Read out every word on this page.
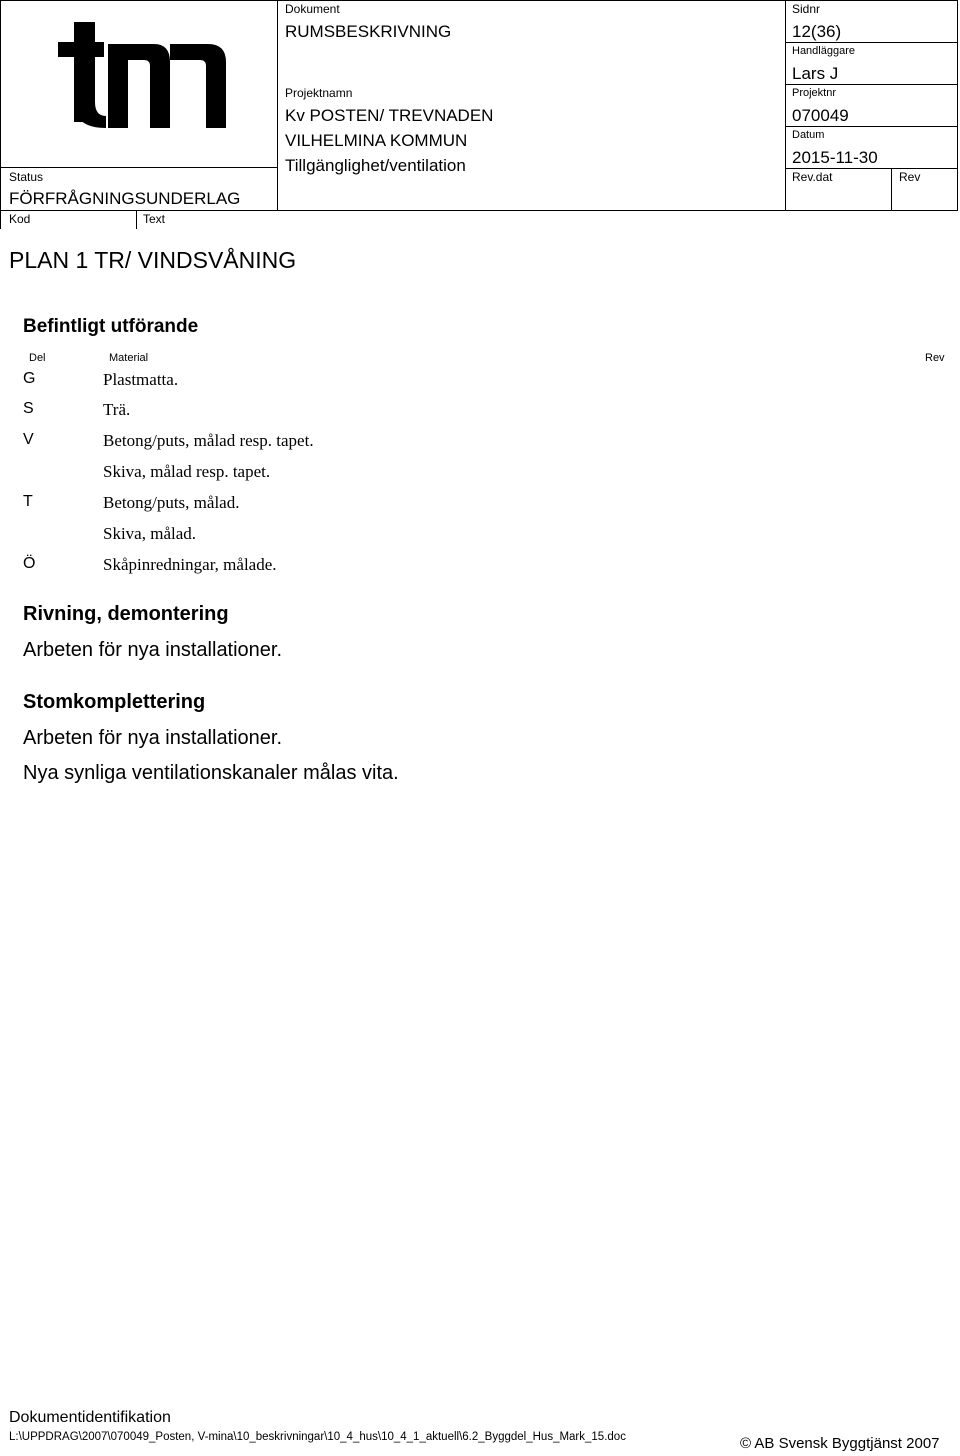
Status
FÖRFRÅGNINGSUNDERLAG
Kod	Text
Dokument
RUMSBESKRIVNING
Projektnamn
Kv POSTEN/ TREVNADEN
VILHELMINA KOMMUN
Tillgänglighet/ventilation
Sidnr
12(36)
Handläggare
Lars J
Projektnr
070049
Datum
2015-11-30
Rev.dat	Rev
PLAN 1 TR/ VINDSVÅNING
Befintligt utförande
Del	Material	Rev
G	Plastmatta.
S	Trä.
V	Betong/puts, målad resp. tapet.
Skiva, målad resp. tapet.
T	Betong/puts, målad.
Skiva, målad.
Ö	Skåpinredningar, målade.
Rivning, demontering
Arbeten för nya installationer.
Stomkomplettering
Arbeten för nya installationer.
Nya synliga ventilationskanaler målas vita.
Dokumentidentifikation
L:\UPPDRAG\2007\070049_Posten, V-mina\10_beskrivningar\10_4_hus\10_4_1_aktuell\6.2_Byggdel_Hus_Mark_15.doc	© AB Svensk Byggtjänst 2007
